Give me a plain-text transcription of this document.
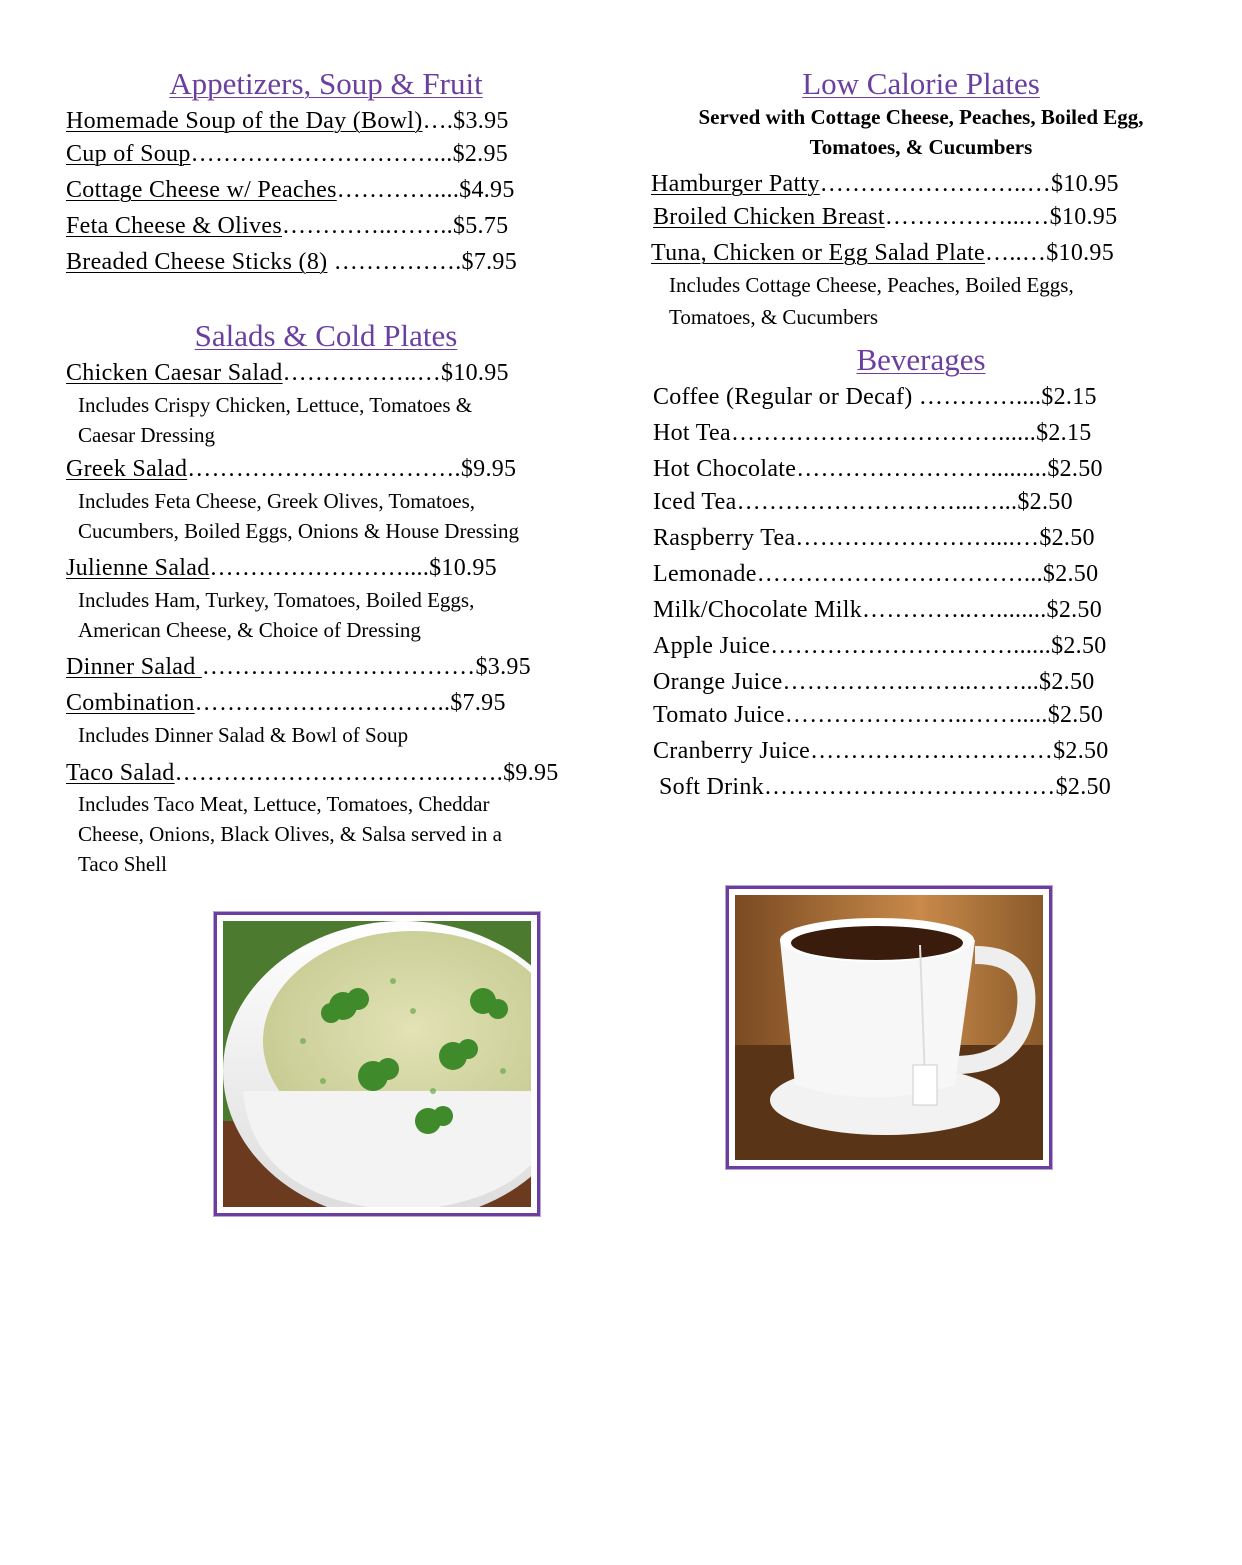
Appetizers, Soup & Fruit
Homemade Soup of the Day (Bowl)….$3.95
Cup of Soup…………………………...$2.95
Cottage Cheese w/ Peaches…………....$4.95
Feta Cheese & Olives…………..……..$5.75
Breaded Cheese Sticks (8) …………….$7.95
Salads & Cold Plates
Chicken Caesar Salad……………..…$10.95
Includes Crispy Chicken, Lettuce, Tomatoes &
Caesar Dressing
Greek Salad…………………………….$9.95
Includes Feta Cheese, Greek Olives, Tomatoes,
Cucumbers, Boiled Eggs, Onions & House Dressing
Julienne Salad……………………....$10.95
Includes Ham, Turkey, Tomatoes, Boiled Eggs,
American Cheese, & Choice of Dressing
Dinner Salad ………….…………………$3.95
Combination…………………………..$7.95
Includes Dinner Salad & Bowl of Soup
Taco Salad…………………………….…….$9.95
Includes Taco Meat, Lettuce, Tomatoes, Cheddar
Cheese, Onions, Black Olives, & Salsa served in a
Taco Shell
Low Calorie Plates
Served with Cottage Cheese, Peaches, Boiled Egg,
Tomatoes, & Cucumbers
Hamburger Patty……………………..…$10.95
Broiled Chicken Breast……………...…$10.95
Tuna, Chicken or Egg Salad Plate…..…$10.95
Includes Cottage Cheese, Peaches, Boiled Eggs,
Tomatoes, & Cucumbers
Beverages
Coffee (Regular or Decaf) …………....$2.15
Hot Tea……………………………......$2.15
Hot Chocolate…………………….........$2.50
Iced Tea………………………...…...$2.50
Raspberry Tea……………………....…$2.50
Lemonade……………………………...$2.50
Milk/Chocolate Milk…………..…........$2.50
Apple Juice…………………………......$2.50
Orange Juice…………….……..……...$2.50
Tomato Juice…………………..…….....$2.50
Cranberry Juice…………………………$2.50
Soft Drink………………………………$2.50
